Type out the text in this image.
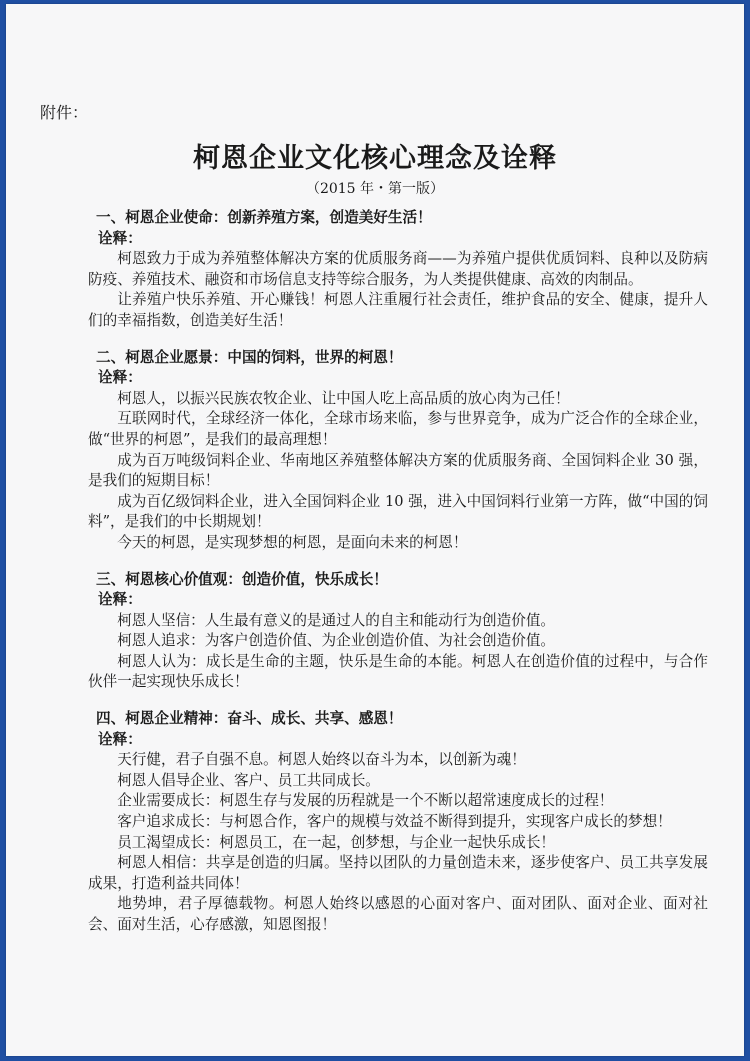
附件：
柯恩企业文化核心理念及诠释
（2015 年・第一版）
一、柯恩企业使命：创新养殖方案，创造美好生活！
诠释：

柯恩致力于成为养殖整体解决方案的优质服务商——为养殖户提供优质饲料、良种以及防病防疫、养殖技术、融资和市场信息支持等综合服务，为人类提供健康、高效的肉制品。

让养殖户快乐养殖、开心赚钱！柯恩人注重履行社会责任，维护食品的安全、健康，提升人们的幸福指数，创造美好生活！

二、柯恩企业愿景：中国的饲料，世界的柯恩！
诠释：

柯恩人，以振兴民族农牧企业、让中国人吃上高品质的放心肉为己任！

互联网时代，全球经济一体化，全球市场来临，参与世界竞争，成为广泛合作的全球企业，做“世界的柯恩”，是我们的最高理想！

成为百万吨级饲料企业、华南地区养殖整体解决方案的优质服务商、全国饲料企业 30 强，是我们的短期目标！

成为百亿级饲料企业，进入全国饲料企业 10 强，进入中国饲料行业第一方阵，做“中国的饲料”，是我们的中长期规划！

今天的柯恩，是实现梦想的柯恩，是面向未来的柯恩！

三、柯恩核心价值观：创造价值，快乐成长！
诠释：

柯恩人坚信：人生最有意义的是通过人的自主和能动行为创造价值。

柯恩人追求：为客户创造价值、为企业创造价值、为社会创造价值。

柯恩人认为：成长是生命的主题，快乐是生命的本能。柯恩人在创造价值的过程中，与合作伙伴一起实现快乐成长！

四、柯恩企业精神：奋斗、成长、共享、感恩！
诠释：

天行健，君子自强不息。柯恩人始终以奋斗为本，以创新为魂！

柯恩人倡导企业、客户、员工共同成长。

企业需要成长：柯恩生存与发展的历程就是一个不断以超常速度成长的过程！

客户追求成长：与柯恩合作，客户的规模与效益不断得到提升，实现客户成长的梦想！

员工渴望成长：柯恩员工，在一起，创梦想，与企业一起快乐成长！

柯恩人相信：共享是创造的归属。坚持以团队的力量创造未来，逐步使客户、员工共享发展成果，打造利益共同体！

地势坤，君子厚德载物。柯恩人始终以感恩的心面对客户、面对团队、面对企业、面对社会、面对生活，心存感激，知恩图报！
